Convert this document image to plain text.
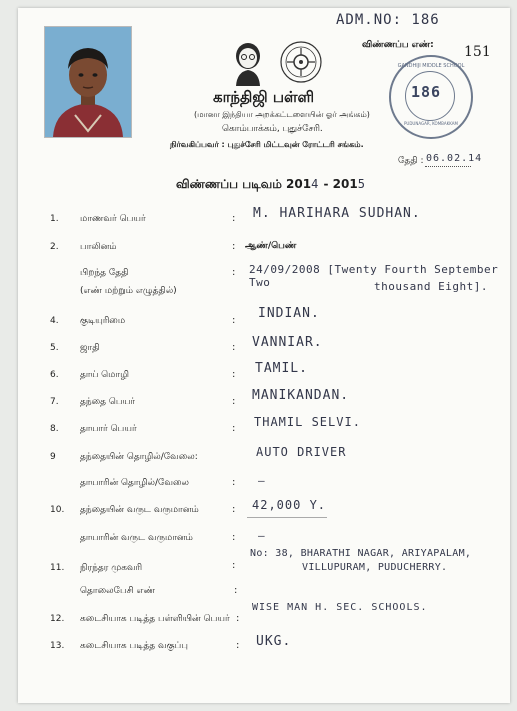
ADM.NO: 186
விண்ணப்ப எண்: 151
காந்திஜி பள்ளி
(மானா இந்தியா அறக்கட்டளையின் ஓர் அங்கம்)
கொம்பாக்கம், புதுச்சேரி.
நிர்வகிப்பவர் : புதுச்சேரி மிட்டவுன் ரோட்டரி சங்கம்.
GANDHIJI MIDDLE SCHOOL
186
PUDUNAGAR, KOMBAKKAM
தேதி : 06.02.14
விண்ணப்ப படிவம் 2014 - 2015
1.	மாணவர் பெயர்	: M. HARIHARA SUDHAN.
2.	பாலினம்	: ஆண்/பெண்
பிறந்த தேதி
(எண் மற்றும் எழுத்தில்)
: 24/09/2008 [Twenty Fourth September Two	thousand Eight].
4.	குடியுரிமை	: INDIAN.
5.	ஜாதி	: VANNIAR.
6.	தாய் மொழி	: TAMIL.
7.	தந்தை பெயர்	: MANIKANDAN.
8.	தாயார் பெயர்	: THAMIL SELVI.
9	தந்தையின் தொழில்/வேலை:	AUTO DRIVER
தாயாரின் தொழில்/வேலை	: —
10.	தந்தையின் வருட வருமானம்	: 42,000 Y.
தாயாரின் வருட வருமானம்	: —
11.	நிரந்தர முகவரி	:
No: 38, BHARATHI NAGAR, ARIYAPALAM,
VILLUPURAM, PUDUCHERRY.
தொலைபேசி எண்	:
12.	கடைசியாக படித்த பள்ளியின் பெயர் :
WISE MAN H. SEC. SCHOOLS.
13.	கடைசியாக படித்த வகுப்பு	: UKG.
